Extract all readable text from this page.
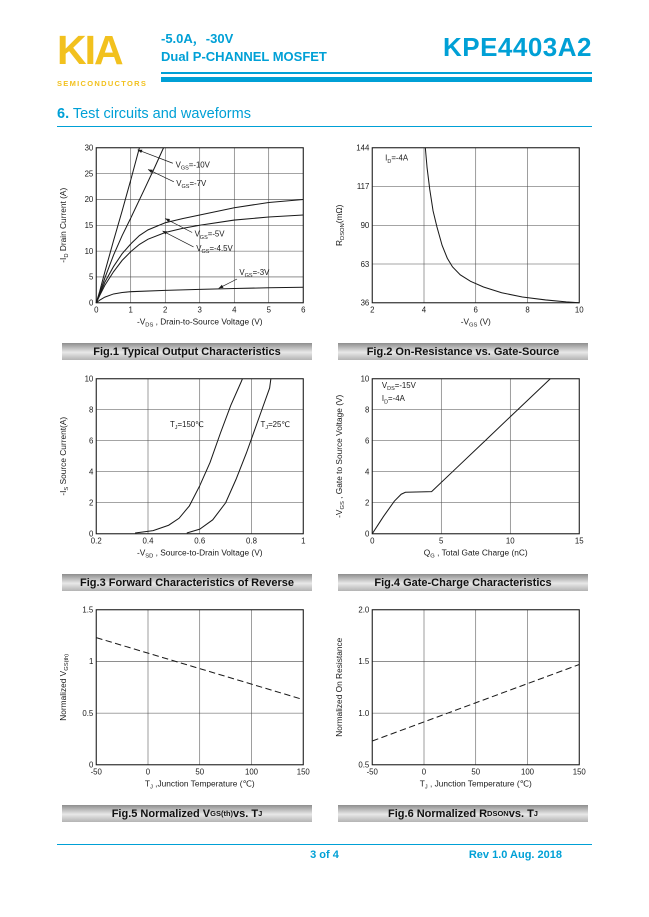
KIA
SEMICONDUCTORS
-5.0A，-30V
Dual P-CHANNEL MOSFET	KPE4403A2
6. Test circuits and waveforms
0	1	2	3	4	5	6
0
5
10
15
20
25
30
$-V_{DS}$ , Drain-to-Source Voltage (V)
$-I_D$ Drain Current (A)
$V_{GS}=-10V$
$V_{GS}=-7V$
$V_{GS}=-5V$
$V_{GS}=-4.5V$
$V_{GS}=-3V$
Fig.1 Typical Output Characteristics
2	4	6	8	10
36
63
90
117
144
$-V_{GS}$ (V)
$R_{DSON}(m\Omega)$
$I_D=-4A$
Fig.2 On-Resistance vs. Gate-Source
0.2	0.4	0.6	0.8	1
0
2
4
6
8
10
$-V_{SD}$ , Source-to-Drain Voltage (V)
$-I_S$ Source Current(A)	$T_J=150℃$	$T_J=25℃$
Fig.3 Forward Characteristics of Reverse
0	5	10	15
0
2
4
6
8
10
$Q_G$ , Total Gate Charge (nC)
$-V_{GS}$ , Gate to Source Voltage (V)
$V_{DS}=-15V$
$I_D=-4A$
Fig.4 Gate-Charge Characteristics
-50	0	50	100	150
0
0.5
1
1.5
$T_J$ ,Junction Temperature (℃)
Normalized $V_{GS(th)}$
Fig.5 Normalized V GS(th) vs. T J
-50	0	50	100	150
0.5
1.0
1.5
2.0
$T_J$ , Junction Temperature (℃)
Normalized On Resistance
Fig.6 Normalized R DSON vs. T J
3 of 4	Rev 1.0 Aug. 2018
